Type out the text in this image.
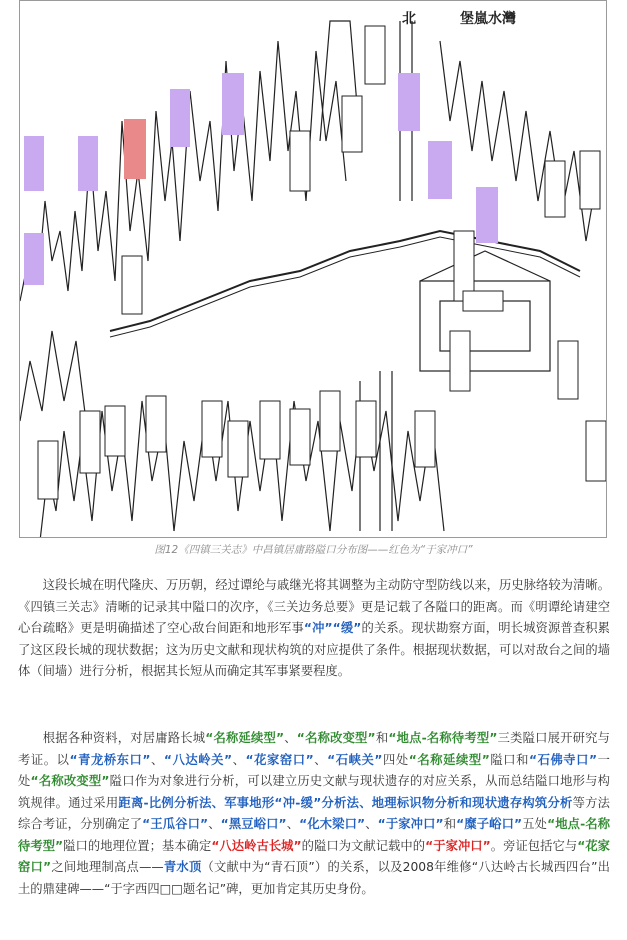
北	堡嵐水灣
图12《四镇三关志》中昌镇居庸路隘口分布图——红色为“于家冲口”
  这段长城在明代隆庆、万历朝，经过谭纶与戚继光将其调整为主动防守型防线以来，历史脉络较为清晰。《四镇三关志》清晰的记录其中隘口的次序，《三关边务总要》更是记载了各隘口的距离。而《明谭纶请建空心台疏略》更是明确描述了空心敌台间距和地形军事“冲”“缓”的关系。现状勘察方面，明长城资源普查积累了这区段长城的现状数据；这为历史文献和现状构筑的对应提供了条件。根据现状数据，可以对敌台之间的墙体（间墙）进行分析，根据其长短从而确定其军事紧要程度。
  根据各种资料，对居庸路长城“名称延续型”、“名称改变型”和“地点-名称待考型”三类隘口展开研究与考证。以“青龙桥东口”、“八达岭关”、“花家窑口”、“石峡关”四处“名称延续型”隘口和“石佛寺口”一处“名称改变型”隘口作为对象进行分析，可以建立历史文献与现状遗存的对应关系，从而总结隘口地形与构筑规律。通过采用距离-比例分析法、军事地形“冲-缓”分析法、地理标识物分析和现状遗存构筑分析等方法综合考证，分别确定了“王瓜谷口”、“黑豆峪口”、“化木梁口”、“于家冲口”和“糜子峪口”五处“地点-名称待考型”隘口的地理位置；基本确定“八达岭古长城”的隘口为文献记载中的“于家冲口”。旁证包括它与“花家窑口”之间地理制高点——青水顶（文献中为“青石顶”）的关系，以及2008年维修“八达岭古长城西四台”出土的鼎建碑——“于字西四□□题名记”碑，更加肯定其历史身份。
